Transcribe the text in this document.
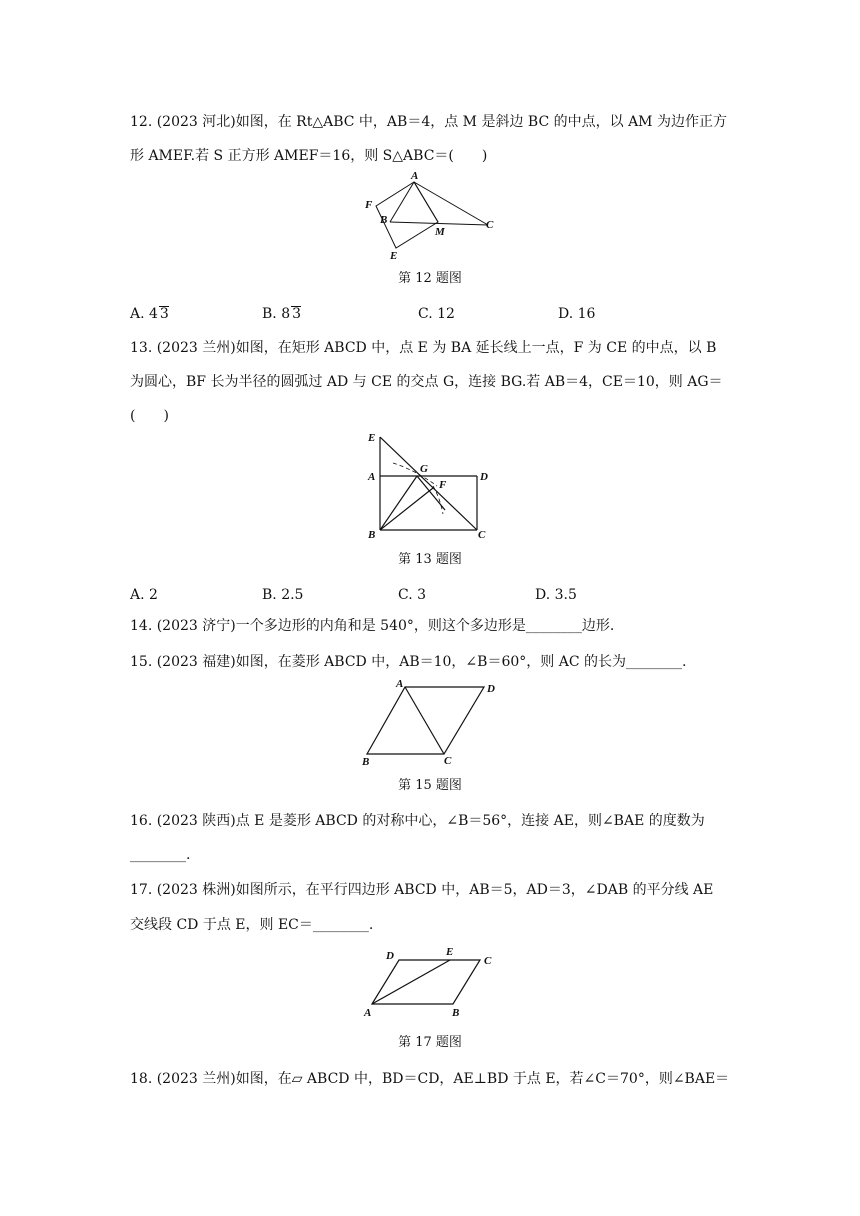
12. (2023 河北)如图，在 Rt△ABC 中，AB＝4，点 M 是斜边 BC 的中点，以 AM 为边作正方
形 AMEF.若 S 正方形 AMEF＝16，则 S△ABC＝(　　)
A
F
B
M
C
E
第 12 题图
A. 4 3	B. 8 3	C. 12	D. 16
13. (2023 兰州)如图，在矩形 ABCD 中，点 E 为 BA 延长线上一点，F 为 CE 的中点，以 B
为圆心，BF 长为半径的圆弧过 AD 与 CE 的交点 G，连接 BG.若 AB＝4，CE＝10，则 AG＝
(　　)
E
A
G
D
F
B	C
第 13 题图
A. 2	B. 2.5	C. 3	D. 3.5
14. (2023 济宁)一个多边形的内角和是 540°，则这个多边形是________边形.
15. (2023 福建)如图，在菱形 ABCD 中，AB＝10，∠B＝60°，则 AC 的长为________.
A	D
B	C
第 15 题图
16. (2023 陕西)点 E 是菱形 ABCD 的对称中心，∠B＝56°，连接 AE，则∠BAE 的度数为
________.
17. (2023 株洲)如图所示，在平行四边形 ABCD 中，AB＝5，AD＝3，∠DAB 的平分线 AE
交线段 CD 于点 E，则 EC＝________.
D	E
C
A	B
第 17 题图
18. (2023 兰州)如图，在▱ ABCD 中，BD＝CD，AE⊥BD 于点 E，若∠C＝70°，则∠BAE＝
